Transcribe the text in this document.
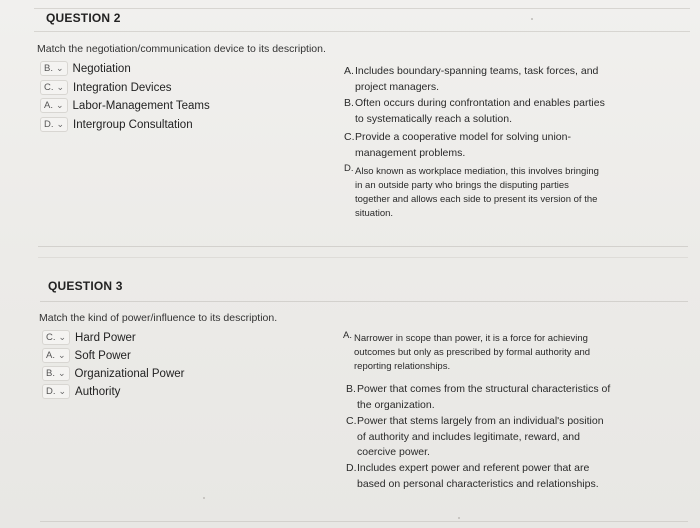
QUESTION 2
Match the negotiation/communication device to its description.
B. ⌄ Negotiation
C. ⌄ Integration Devices
A. ⌄ Labor-Management Teams
D. ⌄ Intergroup Consultation
A.Includes boundary-spanning teams, task forces, and
project managers.
B.Often occurs during confrontation and enables parties
to systematically reach a solution.
C.Provide a cooperative model for solving union-
management problems.
D. Also known as workplace mediation, this involves bringing
in an outside party who brings the disputing parties
together and allows each side to present its version of the
situation.
QUESTION 3
Match the kind of power/influence to its description.
C. ⌄ Hard Power
A. ⌄ Soft Power
B. ⌄ Organizational Power
D. ⌄ Authority
A. Narrower in scope than power, it is a force for achieving
outcomes but only as prescribed by formal authority and
reporting relationships.
B.Power that comes from the structural characteristics of
the organization.
C.Power that stems largely from an individual's position
of authority and includes legitimate, reward, and
coercive power.
D.Includes expert power and referent power that are
based on personal characteristics and relationships.
